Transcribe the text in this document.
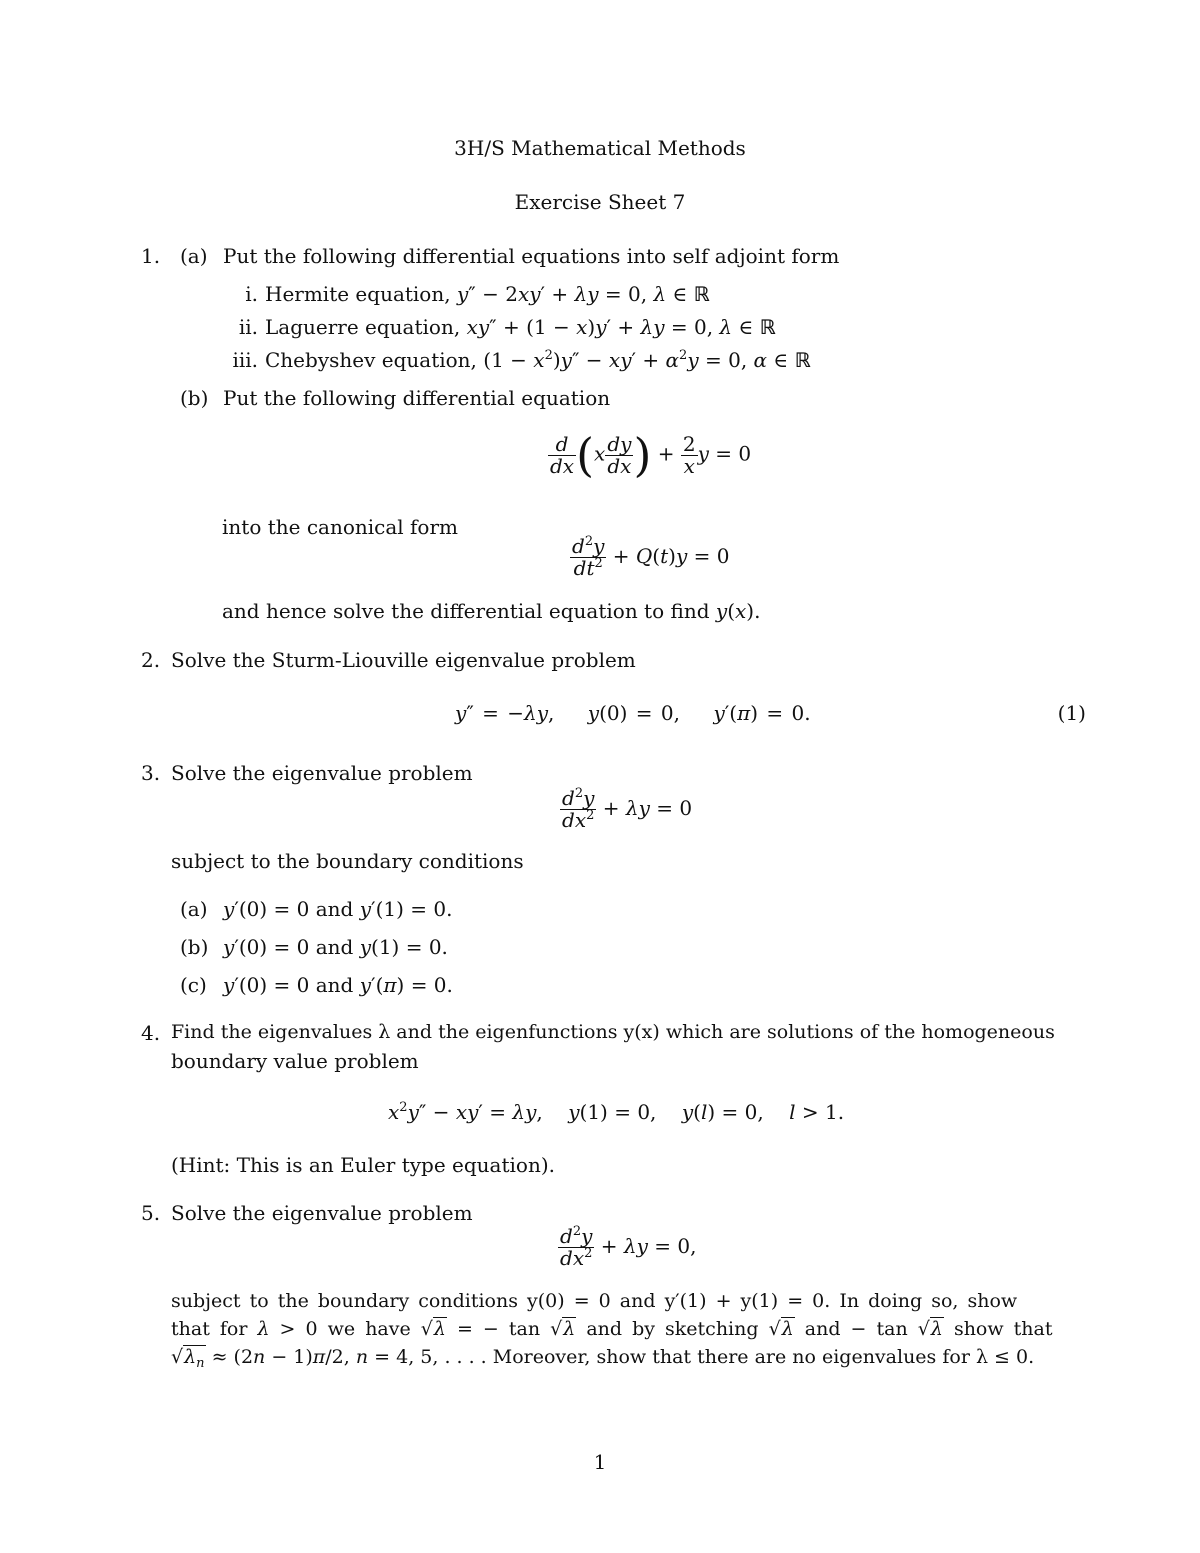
3H/S Mathematical Methods
Exercise Sheet 7
1. (a) Put the following differential equations into self adjoint form
i. Hermite equation, y″ − 2xy′ + λy = 0, λ ∈ ℝ
ii. Laguerre equation, xy″ + (1 − x)y′ + λy = 0, λ ∈ ℝ
iii. Chebyshev equation, $(1 - x^2)y'' - xy' + \alpha^2y = 0$, α ∈ ℝ
(b) Put the following differential equation
$\frac{d}{dx} (x \frac{dy}{dx}$ ) + $\frac{2}{x}$ y = 0
into the canonical form
$\frac{d^2y}{dt^2} + Q(t)y = 0$
and hence solve the differential equation to find y(x).
2. Solve the Sturm-Liouville eigenvalue problem
y″ = −λy,    y(0) = 0,    y′(π) = 0.	(1)
3. Solve the eigenvalue problem
$\frac{d^2y}{dx^2} + \lambda y = 0$
subject to the boundary conditions
(a) y′(0) = 0 and y′(1) = 0.
(b) y′(0) = 0 and y(1) = 0.
(c) y′(0) = 0 and y′(π) = 0.
4. Find the eigenvalues λ and the eigenfunctions y(x) which are solutions of the homogeneous
boundary value problem
$x^2y'' - xy' = \lambda y$,    y(1) = 0,    y(l) = 0,    l > 1.
(Hint: This is an Euler type equation).
5. Solve the eigenvalue problem
$\frac{d^2y}{dx^2} + \lambda y = 0$,
subject to the boundary conditions y(0) = 0 and y′(1) + y(1) = 0. In doing so, show
that for λ > 0 we have √λ = − tan √λ and by sketching √λ and − tan √λ show that
$√\lambda_n \approx (2n - 1)\pi/2$, n = 4, 5, . . . . Moreover, show that there are no eigenvalues for λ ≤ 0.
1
